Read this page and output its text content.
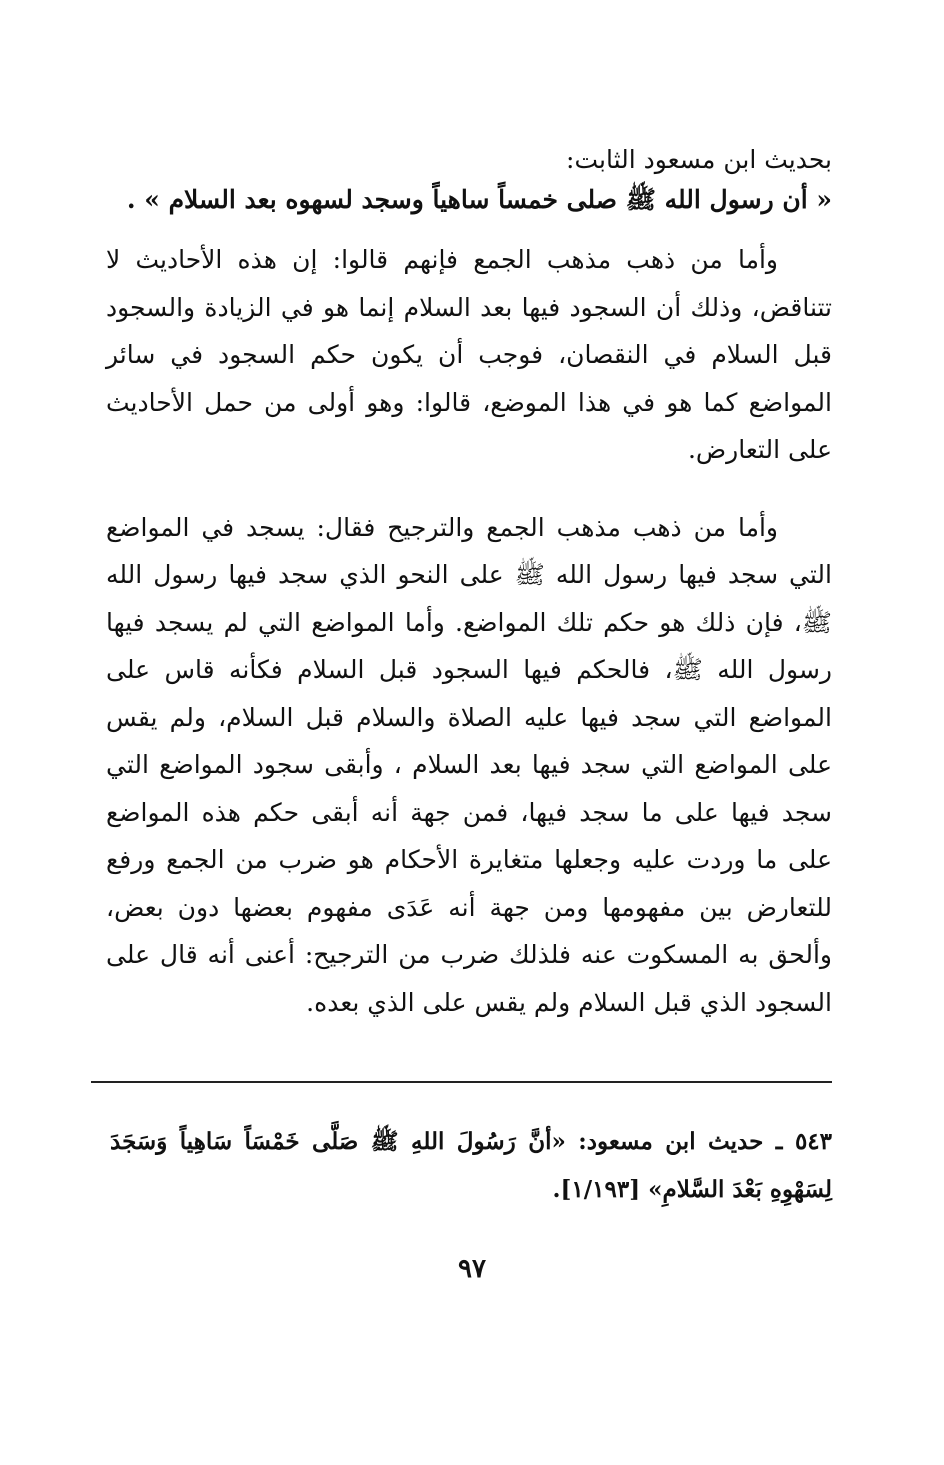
بحديث ابن مسعود الثابت:

« أن رسول الله ﷺ صلى خمساً ساهياً وسجد لسهوه بعد السلام » .

وأما من ذهب مذهب الجمع فإنهم قالوا: إن هذه الأحاديث لا تتناقض، وذلك أن السجود فيها بعد السلام إنما هو في الزيادة والسجود قبل السلام في النقصان، فوجب أن يكون حكم السجود في سائر المواضع كما هو في هذا الموضع، قالوا: وهو أولى من حمل الأحاديث على التعارض.

وأما من ذهب مذهب الجمع والترجيح فقال: يسجد في المواضع التي سجد فيها رسول الله ﷺ على النحو الذي سجد فيها رسول الله ﷺ، فإن ذلك هو حكم تلك المواضع. وأما المواضع التي لم يسجد فيها رسول الله ﷺ، فالحكم فيها السجود قبل السلام فكأنه قاس على المواضع التي سجد فيها عليه الصلاة والسلام قبل السلام، ولم يقس على المواضع التي سجد فيها بعد السلام ، وأبقى سجود المواضع التي سجد فيها على ما سجد فيها، فمن جهة أنه أبقى حكم هذه المواضع على ما وردت عليه وجعلها متغايرة الأحكام هو ضرب من الجمع ورفع للتعارض بين مفهومها ومن جهة أنه عَدَى مفهوم بعضها دون بعض، وألحق به المسكوت عنه فلذلك ضرب من الترجيح: أعنى أنه قال على السجود الذي قبل السلام ولم يقس على الذي بعده.

٥٤٣ ـ حديث ابن مسعود: «أنَّ رَسُولَ اللهِ ﷺ صَلَّى خَمْسَاً سَاهِياً وَسَجَدَ لِسَهْوِهِ بَعْدَ السَّلامِ» [١/١٩٣].

٩٧
